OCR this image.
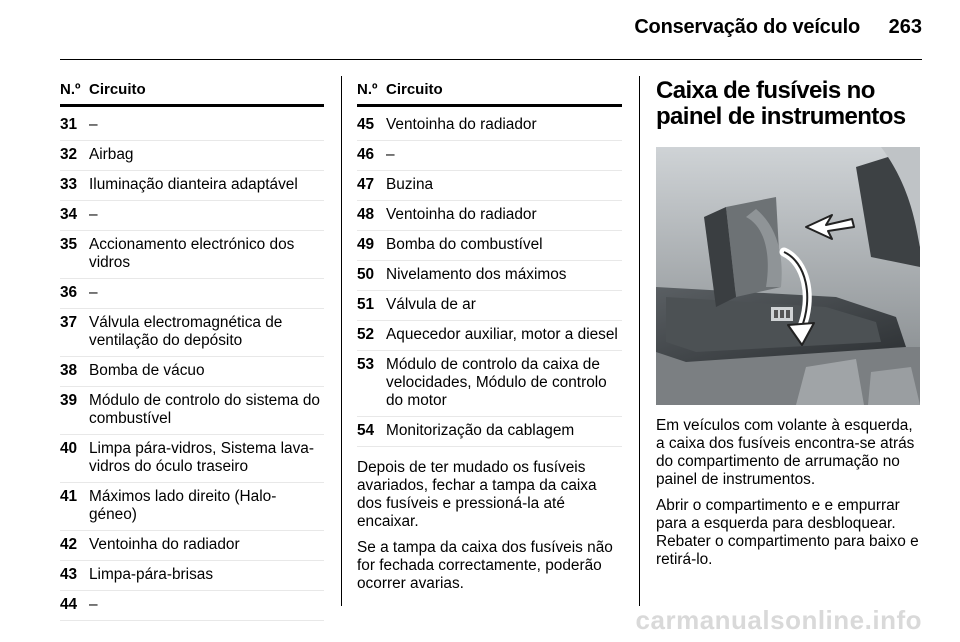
Conservação do veículo 263
N.º Circuito
31 –
32 Airbag
33 Iluminação dianteira adaptável
34 –
35 Accionamento electrónico dos vidros
36 –
37 Válvula electromagnética de ventilação do depósito
38 Bomba de vácuo
39 Módulo de controlo do sistema do combustível
40 Limpa pára-vidros, Sistema lava-vidros do óculo traseiro
41 Máximos lado direito (Halo-géneo)
42 Ventoinha do radiador
43 Limpa-pára-brisas
44 –
N.º Circuito
45 Ventoinha do radiador
46 –
47 Buzina
48 Ventoinha do radiador
49 Bomba do combustível
50 Nivelamento dos máximos
51 Válvula de ar
52 Aquecedor auxiliar, motor a diesel
53 Módulo de controlo da caixa de velocidades, Módulo de controlo do motor
54 Monitorização da cablagem

Depois de ter mudado os fusíveis avariados, fechar a tampa da caixa dos fusíveis e pressioná-la até encaixar.

Se a tampa da caixa dos fusíveis não for fechada correctamente, poderão ocorrer avarias.

Caixa de fusíveis no painel de instrumentos

Em veículos com volante à esquerda, a caixa dos fusíveis encontra-se atrás do compartimento de arrumação no painel de instrumentos.

Abrir o compartimento e e empurrar para a esquerda para desbloquear. Rebater o compartimento para baixo e retirá-lo.

carmanualsonline.info
